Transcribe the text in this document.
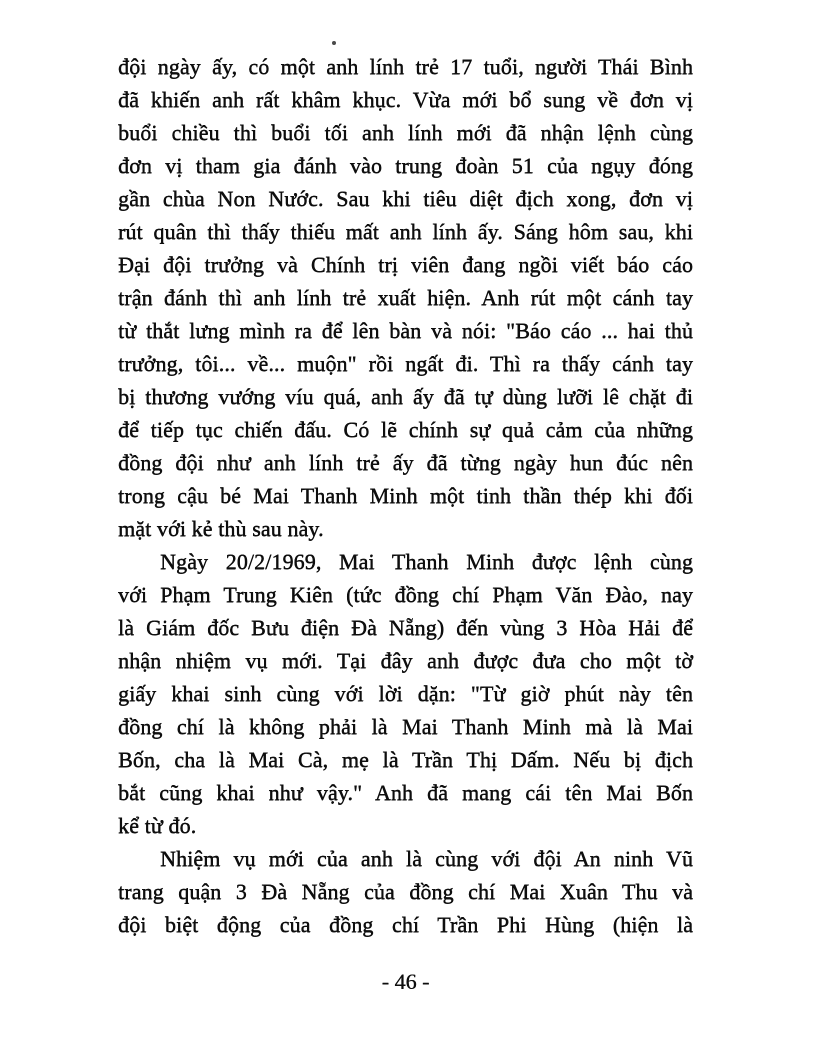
đội ngày ấy, có một anh lính trẻ 17 tuổi, người Thái Bình
đã khiến anh rất khâm khục. Vừa mới bổ sung về đơn vị
buổi chiều thì buổi tối anh lính mới đã nhận lệnh cùng
đơn vị tham gia đánh vào trung đoàn 51 của ngụy đóng
gần chùa Non Nước. Sau khi tiêu diệt địch xong, đơn vị
rút quân thì thấy thiếu mất anh lính ấy. Sáng hôm sau, khi
Đại đội trưởng và Chính trị viên đang ngồi viết báo cáo
trận đánh thì anh lính trẻ xuất hiện. Anh rút một cánh tay
từ thắt lưng mình ra để lên bàn và nói: "Báo cáo ... hai thủ
trưởng, tôi... về... muộn" rồi ngất đi. Thì ra thấy cánh tay
bị thương vướng víu quá, anh ấy đã tự dùng lưỡi lê chặt đi
để tiếp tục chiến đấu. Có lẽ chính sự quả cảm của những
đồng đội như anh lính trẻ ấy đã từng ngày hun đúc nên
trong cậu bé Mai Thanh Minh một tinh thần thép khi đối
mặt với kẻ thù sau này.
Ngày 20/2/1969, Mai Thanh Minh được lệnh cùng
với Phạm Trung Kiên (tức đồng chí Phạm Văn Đào, nay
là Giám đốc Bưu điện Đà Nẵng) đến vùng 3 Hòa Hải để
nhận nhiệm vụ mới. Tại đây anh được đưa cho một tờ
giấy khai sinh cùng với lời dặn: "Từ giờ phút này tên
đồng chí là không phải là Mai Thanh Minh mà là Mai
Bốn, cha là Mai Cà, mẹ là Trần Thị Dấm. Nếu bị địch
bắt cũng khai như vậy." Anh đã mang cái tên Mai Bốn
kể từ đó.
Nhiệm vụ mới của anh là cùng với đội An ninh Vũ
trang quận 3 Đà Nẵng của đồng chí Mai Xuân Thu và
đội biệt động của đồng chí Trần Phi Hùng (hiện là
- 46 -
